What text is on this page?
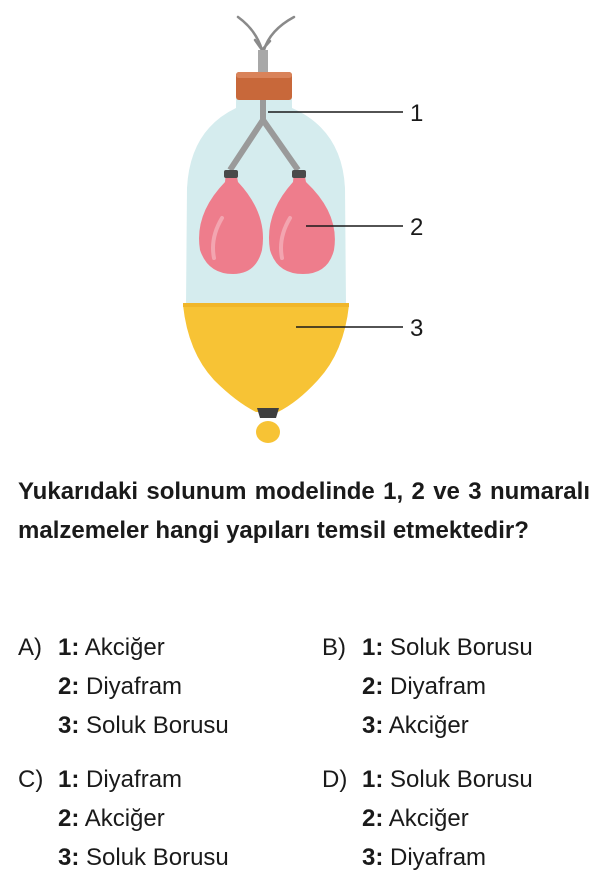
1
2
3

Yukarıdaki solunum modelinde 1, 2 ve 3 numaralı malzemeler hangi yapıları temsil etmektedir?

A) 1: Akciğer
2: Diyafram
3: Soluk Borusu
B) 1: Soluk Borusu
2: Diyafram
3: Akciğer
C) 1: Diyafram
2: Akciğer
3: Soluk Borusu
D) 1: Soluk Borusu
2: Akciğer
3: Diyafram
